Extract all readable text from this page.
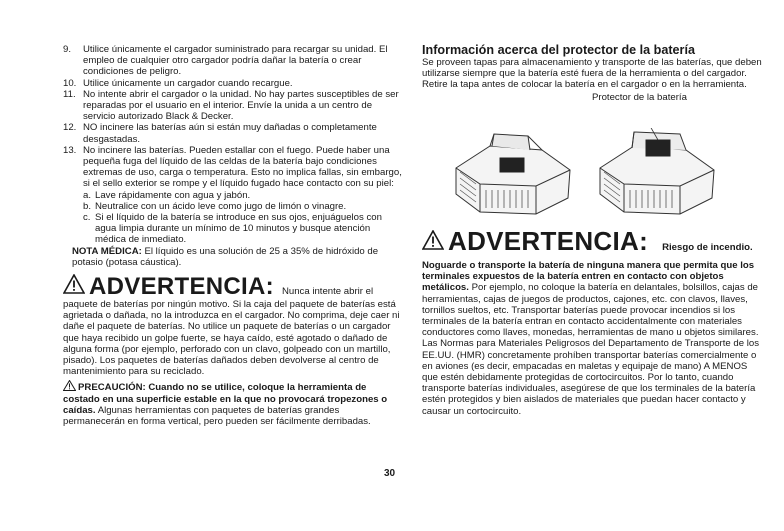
9. Utilice únicamente el cargador suministrado para recargar su unidad. El empleo de cualquier otro cargador podría dañar la batería o crear condiciones de peligro.
10. Utilice únicamente un cargador cuando recargue.
11. No intente abrir el cargador o la unidad. No hay partes susceptibles de ser reparadas por el usuario en el interior. Envíe la unida a un centro de servicio autorizado Black & Decker.
12. NO incinere las baterías aún si están muy dañadas o completamente desgastadas.
13. No incinere las baterías. Pueden estallar con el fuego. Puede haber una pequeña fuga del líquido de las celdas de la batería bajo condiciones extremas de uso, carga o temperatura. Esto no implica fallas, sin embargo, si el sello exterior se rompe y el líquido fugado hace contacto con su piel:
a. Lave rápidamente con agua y jabón.
b. Neutralice con un ácido leve como jugo de limón o vinagre.
c. Si el líquido de la batería se introduce en sus ojos, enjuáguelos con agua limpia durante un mínimo de 10 minutos y busque atención médica de inmediato.
NOTA MÉDICA: El líquido es una solución de 25 a 35% de hidróxido de potasio (potasa cáustica).
ADVERTENCIA: Nunca intente abrir el
paquete de baterías por ningún motivo. Si la caja del paquete de baterías está agrietada o dañada, no la introduzca en el cargador. No comprima, deje caer ni dañe el paquete de baterías. No utilice un paquete de baterías o un cargador que haya recibido un golpe fuerte, se haya caído, esté agotado o dañado de alguna forma (por ejemplo, perforado con un clavo, golpeado con un martillo, pisado). Los paquetes de baterías dañados deben devolverse al centro de mantenimiento para su reciclado.
PRECAUCIÓN: Cuando no se utilice, coloque la herramienta de costado en una superficie estable en la que no provocará tropezones o caídas. Algunas herramientas con paquetes de baterías grandes permanecerán en forma vertical, pero pueden ser fácilmente derribadas.
Información acerca del protector de la batería
Se proveen tapas para almacenamiento y transporte de las baterías, que deben utilizarse siempre que la batería esté fuera de la herramienta o del cargador. Retire la tapa antes de colocar la batería en el cargador o en la herramienta.
Protector de la batería
ADVERTENCIA: Riesgo de incendio.
Noguarde o transporte la batería de ninguna manera que permita que los terminales expuestos de la batería entren en contacto con objetos metálicos. Por ejemplo, no coloque la batería en delantales, bolsillos, cajas de herramientas, cajas de juegos de productos, cajones, etc. con clavos, llaves, tornillos sueltos, etc. Transportar baterías puede provocar incendios si los terminales de la batería entran en contacto accidentalmente con materiales conductores como llaves, monedas, herramientas de mano u objetos similares. Las Normas para Materiales Peligrosos del Departamento de Transporte de los EE.UU. (HMR) concretamente prohíben transportar baterías comercialmente o en aviones (es decir, empacadas en maletas y equipaje de mano) A MENOS que estén debidamente protegidas de cortocircuitos. Por lo tanto, cuando transporte baterías individuales, asegúrese de que los terminales de la batería estén protegidos y bien aislados de materiales que puedan hacer contacto y causar un cortocircuito.
30
